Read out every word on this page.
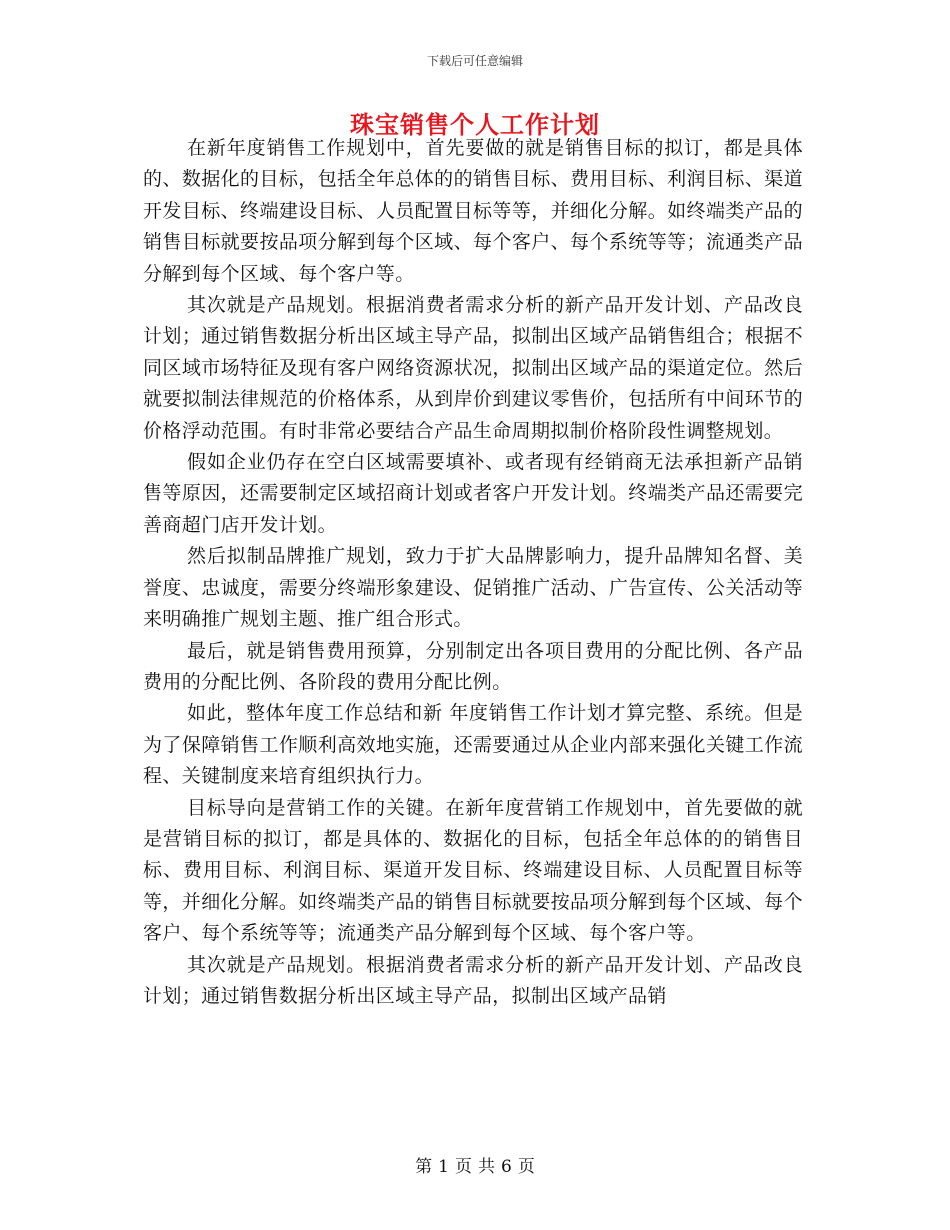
下载后可任意编辑
珠宝销售个人工作计划

在新年度销售工作规划中，首先要做的就是销售目标的拟订，都是具体的、数据化的目标，包括全年总体的的销售目标、费用目标、利润目标、渠道开发目标、终端建设目标、人员配置目标等等，并细化分解。如终端类产品的销售目标就要按品项分解到每个区域、每个客户、每个系统等等；流通类产品分解到每个区域、每个客户等。

其次就是产品规划。根据消费者需求分析的新产品开发计划、产品改良计划；通过销售数据分析出区域主导产品，拟制出区域产品销售组合；根据不同区域市场特征及现有客户网络资源状况，拟制出区域产品的渠道定位。然后就要拟制法律规范的价格体系，从到岸价到建议零售价，包括所有中间环节的价格浮动范围。有时非常必要结合产品生命周期拟制价格阶段性调整规划。

假如企业仍存在空白区域需要填补、或者现有经销商无法承担新产品销售等原因，还需要制定区域招商计划或者客户开发计划。终端类产品还需要完善商超门店开发计划。

然后拟制品牌推广规划，致力于扩大品牌影响力，提升品牌知名督、美誉度、忠诚度，需要分终端形象建设、促销推广活动、广告宣传、公关活动等来明确推广规划主题、推广组合形式。

最后，就是销售费用预算，分别制定出各项目费用的分配比例、各产品费用的分配比例、各阶段的费用分配比例。

如此，整体年度工作总结和新 年度销售工作计划才算完整、系统。但是为了保障销售工作顺利高效地实施，还需要通过从企业内部来强化关键工作流程、关键制度来培育组织执行力。

目标导向是营销工作的关键。在新年度营销工作规划中，首先要做的就是营销目标的拟订，都是具体的、数据化的目标，包括全年总体的的销售目标、费用目标、利润目标、渠道开发目标、终端建设目标、人员配置目标等等，并细化分解。如终端类产品的销售目标就要按品项分解到每个区域、每个客户、每个系统等等；流通类产品分解到每个区域、每个客户等。

其次就是产品规划。根据消费者需求分析的新产品开发计划、产品改良计划；通过销售数据分析出区域主导产品，拟制出区域产品销

第 1 页 共 6 页
